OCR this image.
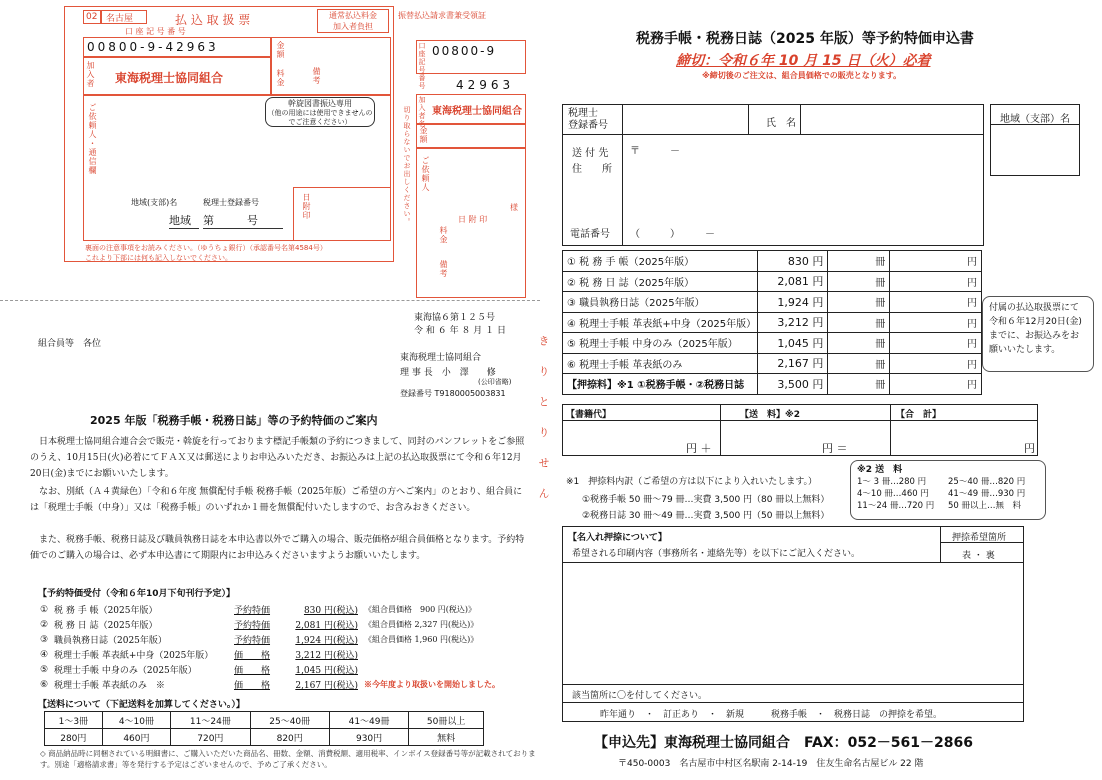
02 名古屋	払 込 取 扱 票	通常払込料金
加入者負担
口 座 記 号 番 号
00800-9-42963	金額
料金
加入者 東海税理士協同組合	備考
ご依頼人・通信欄	幹旋図書振込専用
（他の用途には使用できませんのでご注意ください）
地域(支部)名	税理士登録番号
地域	第　　　号
日附印
裏面の注意事項をお読みください。（ゆうちょ銀行）（承認番号名第4584号）
これより下部には何も記入しないでください。
振替払込請求書兼受領証
口座記号番号 00800-9
42963
加入者名 東海税理士協同組合
金額
ご依頼人
料金
備考
様
日 附 印
切り取らないでお出しください。
東海協６第１２５号
令 和 ６ 年 ８ 月 １ 日
組合員等　各位
東海税理士協同組合
理 事 長　小　澤　　修
(公印省略)
登録番号 T9180005003831	き り と り せ ん
2025 年版「税務手帳・税務日誌」等の予約特価のご案内
日本税理士協同組合連合会で販売・斡旋を行っております標記手帳類の予約につきまして、同封のパンフレットをご参照のうえ、10月15日(火)必着にてＦＡＸ又は郵送によりお申込みいただき、お振込みは上記の払込取扱票にて令和６年12月20日(金)までにお願いいたします。
なお、別紙（Ａ４黄緑色）「令和６年度 無償配付手帳 税務手帳（2025年版）ご希望の方へご案内」のとおり、組合員には「税理士手帳（中身）」又は「税務手帳」のいずれか１冊を無償配付いたしますので、お含みおきください。
また、税務手帳、税務日誌及び職員執務日誌を本申込書以外でご購入の場合、販売価格が組合員価格となります。予約特価でのご購入の場合は、必ず本申込書にて期限内にお申込みくださいますようお願いいたします。
【予約特価受付（令和６年10月下旬刊行予定）】
① 税 務 手 帳（2025年版）	予約特価	830 円(税込) 《組合員価格　900 円(税込)》
② 税 務 日 誌（2025年版）	予約特価	2,081 円(税込) 《組合員価格 2,327 円(税込)》
③ 職員執務日誌（2025年版）	予約特価	1,924 円(税込) 《組合員価格 1,960 円(税込)》
④ 税理士手帳 革表紙+中身（2025年版）	価　　格	3,212 円(税込)
⑤ 税理士手帳 中身のみ（2025年版）	価　　格	1,045 円(税込)
⑥ 税理士手帳 革表紙のみ　※	価　　格	2,167 円(税込) ※今年度より取扱いを開始しました。
【送料について（下記送料を加算してください。）】
1〜3冊	4〜10冊	11〜24冊	25〜40冊	41〜49冊	50冊以上
280円	460円	720円	820円	930円	無料
◇ 商品納品時に同梱されている明細書に、ご購入いただいた商品名、冊数、金額、消費税額、適用税率、インボイス登録番号等が記載されております。別途「適格請求書」等を発行する予定はございませんので、予めご了承ください。
税務手帳・税務日誌（2025 年版）等予約特価申込書
締切：令和６年 10 月 15 日（火）必着
※締切後のご注文は、組合員価格での販売となります。
税理士
登録番号	氏　名
送 付 先
住　　所
〒　　　－
電話番号 （　　　）　　　－
地域（支部）名
① 税 務 手 帳（2025年版）	830 円	冊	円
② 税 務 日 誌（2025年版）	2,081 円	冊	円
③ 職員執務日誌（2025年版）	1,924 円	冊	円
④ 税理士手帳 革表紙+中身（2025年版）	3,212 円	冊	円
⑤ 税理士手帳 中身のみ（2025年版）	1,045 円	冊	円
⑥ 税理士手帳 革表紙のみ	2,167 円	冊	円
【押捺料】※1 ①税務手帳・②税務日誌	3,500 円	冊	円
付属の払込取扱票にて令和６年12月20日(金)までに、お振込みをお願いいたします。
【書籍代】	【送　料】※2	【合　計】
円 ＋	円 ＝	円
※2 送　料
1〜 3 冊…280 円	25〜40 冊…820 円
4〜10 冊…460 円	41〜49 冊…930 円
11〜24 冊…720 円	50 冊以上…無　料
※1　押捺料内訳（ご希望の方は以下により入れいたします。）
①税務手帳 50 冊〜79 冊…実費 3,500 円（80 冊以上無料）
②税務日誌 30 冊〜49 冊…実費 3,500 円（50 冊以上無料）
【名入れ押捺について】
希望される印刷内容（事務所名・連絡先等）を以下にご記入ください。
押捺希望箇所
表 ・ 裏
該当箇所に〇を付してください。
昨年通り　・　訂正あり　・　新規　　　税務手帳　・　税務日誌　の押捺を希望。
【申込先】東海税理士協同組合　FAX：052－561－2866
〒450-0003　名古屋市中村区名駅南 2-14-19　住友生命名古屋ビル 22 階
